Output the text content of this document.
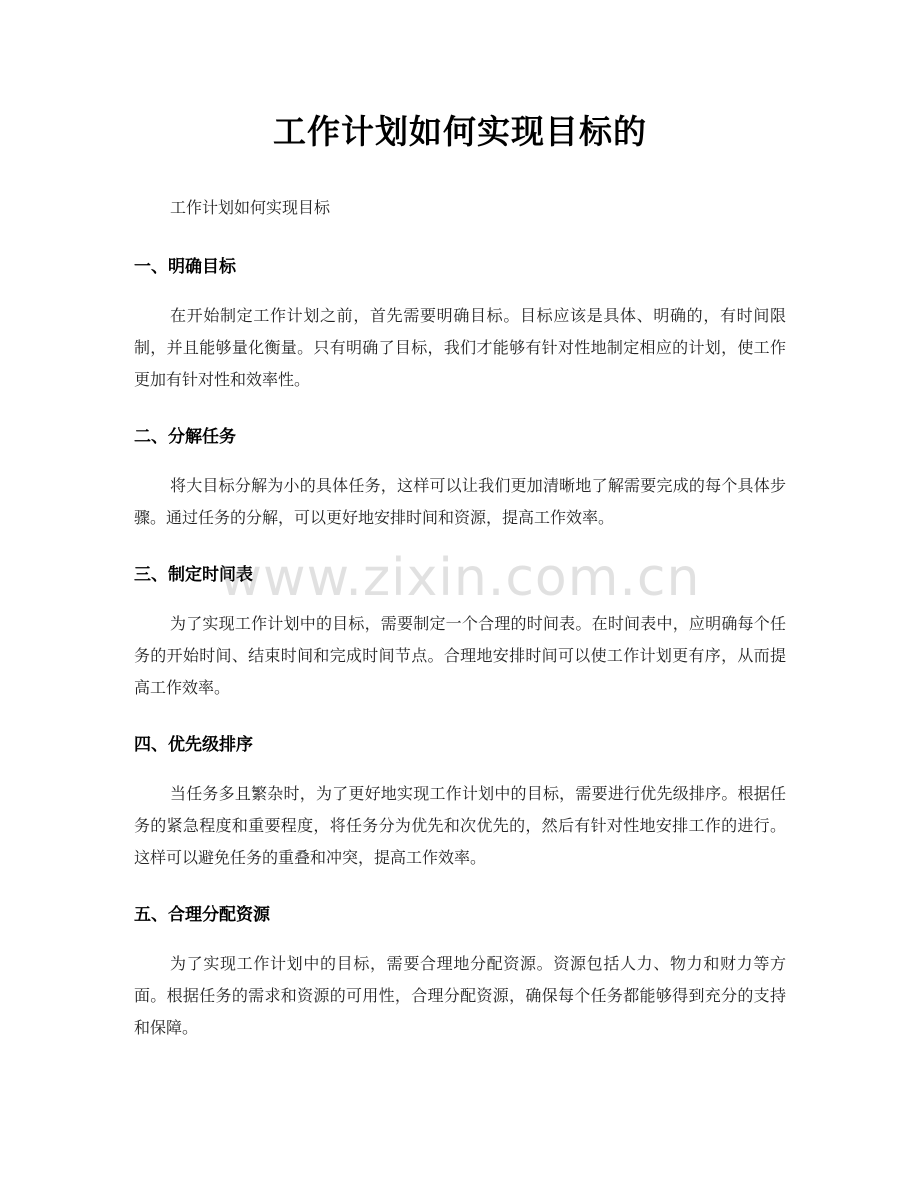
工作计划如何实现目标的

工作计划如何实现目标

一、明确目标

在开始制定工作计划之前，首先需要明确目标。目标应该是具体、明确的，有时间限制，并且能够量化衡量。只有明确了目标，我们才能够有针对性地制定相应的计划，使工作更加有针对性和效率性。

二、分解任务

将大目标分解为小的具体任务，这样可以让我们更加清晰地了解需要完成的每个具体步骤。通过任务的分解，可以更好地安排时间和资源，提高工作效率。

三、制定时间表

为了实现工作计划中的目标，需要制定一个合理的时间表。在时间表中，应明确每个任务的开始时间、结束时间和完成时间节点。合理地安排时间可以使工作计划更有序，从而提高工作效率。

四、优先级排序

当任务多且繁杂时，为了更好地实现工作计划中的目标，需要进行优先级排序。根据任务的紧急程度和重要程度，将任务分为优先和次优先的，然后有针对性地安排工作的进行。这样可以避免任务的重叠和冲突，提高工作效率。

五、合理分配资源

为了实现工作计划中的目标，需要合理地分配资源。资源包括人力、物力和财力等方面。根据任务的需求和资源的可用性，合理分配资源，确保每个任务都能够得到充分的支持和保障。

www.zixin.com.cn
